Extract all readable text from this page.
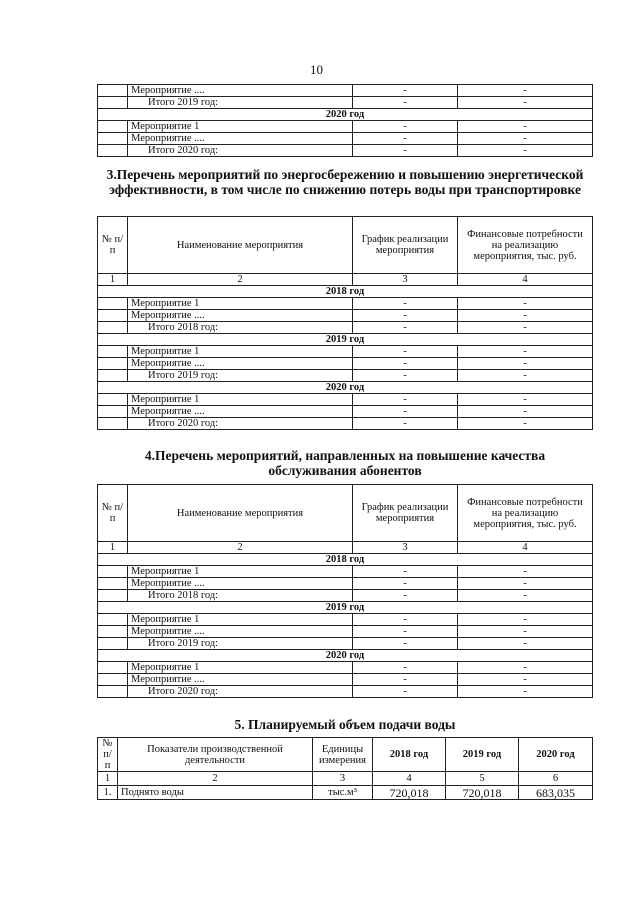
10
	Мероприятие ....	-	-
	Итого 2019 год:	-	-
2020 год			
	Мероприятие 1	-	-
	Мероприятие ....	-	-
	Итого 2020 год:	-	-
3.Перечень мероприятий по энергосбережению и повышению энергетической эффективности, в том числе по снижению потерь воды при транспортировке
№ п/п	Наименование мероприятия	График реализации мероприятия	Финансовые потребности на реализацию мероприятия, тыс. руб.
1	2	3	4
2018 год			
	Мероприятие 1	-	-
	Мероприятие ....	-	-
	Итого 2018 год:	-	-
2019 год			
	Мероприятие 1	-	-
	Мероприятие ....	-	-
	Итого 2019 год:	-	-
2020 год			
	Мероприятие 1	-	-
	Мероприятие ....	-	-
	Итого 2020 год:	-	-
4.Перечень мероприятий, направленных на повышение качества обслуживания абонентов
№ п/п	Наименование мероприятия	График реализации мероприятия	Финансовые потребности на реализацию мероприятия, тыс. руб.
1	2	3	4
2018 год			
	Мероприятие 1	-	-
	Мероприятие ....	-	-
	Итого 2018 год:	-	-
2019 год			
	Мероприятие 1	-	-
	Мероприятие ....	-	-
	Итого 2019 год:	-	-
2020 год			
	Мероприятие 1	-	-
	Мероприятие ....	-	-
	Итого 2020 год:	-	-
5. Планируемый объем подачи воды
№ п/п	Показатели производственной деятельности	Единицы измерения	2018 год	2019 год	2020 год
1	2	3	4	5	6
1.	Поднято воды	тыс.м³	720,018	720,018	683,035
